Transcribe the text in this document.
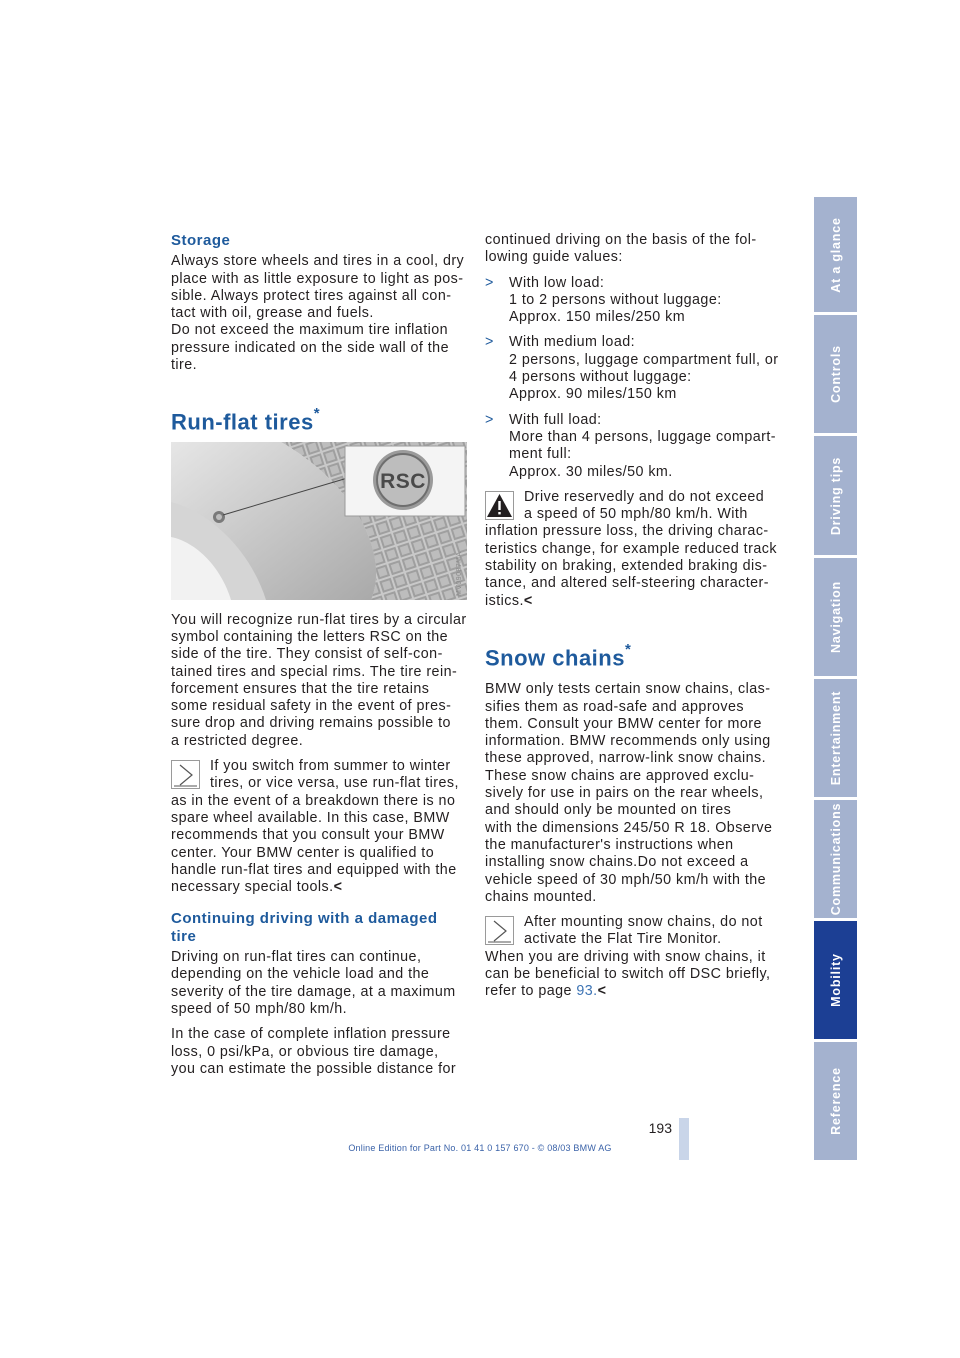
Storage

Always store wheels and tires in a cool, dry
place with as little exposure to light as pos-
sible. Always protect tires against all con-
tact with oil, grease and fuels.
Do not exceed the maximum tire inflation
pressure indicated on the side wall of the
tire.

Run-flat tires*
RSC
MV09087MA

You will recognize run-flat tires by a circular
symbol containing the letters RSC on the
side of the tire. They consist of self-con-
tained tires and special rims. The tire rein-
forcement ensures that the tire retains
some residual safety in the event of pres-
sure drop and driving remains possible to
a restricted degree.

If you switch from summer to winter
tires, or vice versa, use run-flat tires,
as in the event of a breakdown there is no
spare wheel available. In this case, BMW
recommends that you consult your BMW
center. Your BMW center is qualified to
handle run-flat tires and equipped with the
necessary special tools.<
Continuing driving with a damaged
tire

Driving on run-flat tires can continue,
depending on the vehicle load and the
severity of the tire damage, at a maximum
speed of 50 mph/80 km/h.

In the case of complete inflation pressure
loss, 0 psi/kPa, or obvious tire damage,
you can estimate the possible distance for

continued driving on the basis of the fol-
lowing guide values:

> With low load:
1 to 2 persons without luggage:
Approx. 150 miles/250 km
> With medium load:
2 persons, luggage compartment full, or
4 persons without luggage:
Approx. 90 miles/150 km
> With full load:
More than 4 persons, luggage compart-
ment full:
Approx. 30 miles/50 km.
Drive reservedly and do not exceed
a speed of 50 mph/80 km/h. With
inflation pressure loss, the driving charac-
teristics change, for example reduced track
stability on braking, extended braking dis-
tance, and altered self-steering character-
istics.<
Snow chains*

BMW only tests certain snow chains, clas-
sifies them as road-safe and approves
them. Consult your BMW center for more
information. BMW recommends only using
these approved, narrow-link snow chains.
These snow chains are approved exclu-
sively for use in pairs on the rear wheels,
and should only be mounted on tires
with the dimensions 245/50 R 18. Observe
the manufacturer's instructions when
installing snow chains.Do not exceed a
vehicle speed of 30 mph/50 km/h with the
chains mounted.

After mounting snow chains, do not
activate the Flat Tire Monitor.
When you are driving with snow chains, it
can be beneficial to switch off DSC briefly,
refer to page 93.<
At a glance
Controls
Driving tips
Navigation
Entertainment
Communications
Mobility
Reference
193
Online Edition for Part No. 01 41 0 157 670 - © 08/03 BMW AG
